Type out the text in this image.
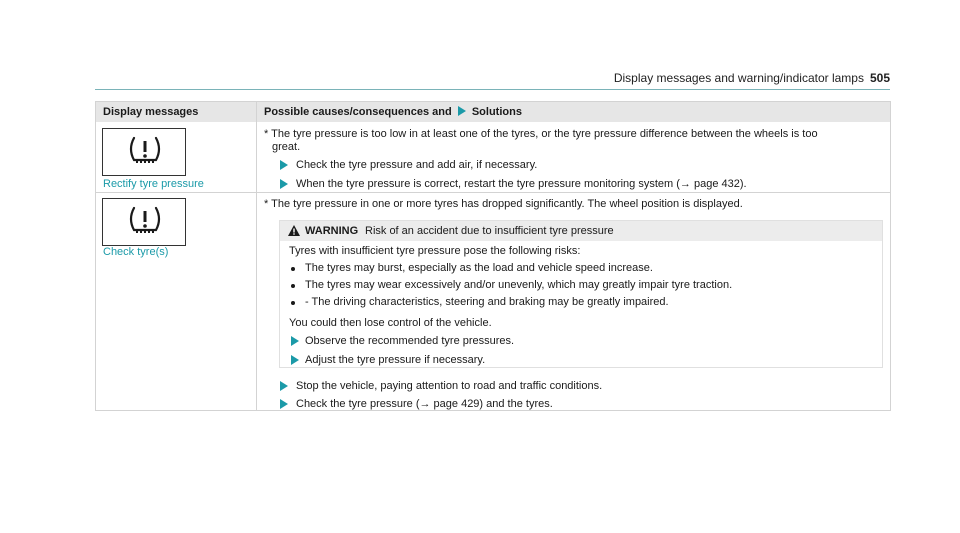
Display messages and warning/indicator lamps 505
Display messages	Possible causes/consequences and Solutions
Rectify tyre pressure
* The tyre pressure is too low in at least one of the tyres, or the tyre pressure difference between the wheels is too
great.
Check the tyre pressure and add air, if necessary.
When the tyre pressure is correct, restart the tyre pressure monitoring system (→ page 432).
Check tyre(s)
* The tyre pressure in one or more tyres has dropped significantly. The wheel position is displayed.
WARNING Risk of an accident due to insufficient tyre pressure
Tyres with insufficient tyre pressure pose the following risks:
The tyres may burst, especially as the load and vehicle speed increase.
The tyres may wear excessively and/or unevenly, which may greatly impair tyre traction.
- The driving characteristics, steering and braking may be greatly impaired.
You could then lose control of the vehicle.
Observe the recommended tyre pressures.
Adjust the tyre pressure if necessary.
Stop the vehicle, paying attention to road and traffic conditions.
Check the tyre pressure (→ page 429) and the tyres.
